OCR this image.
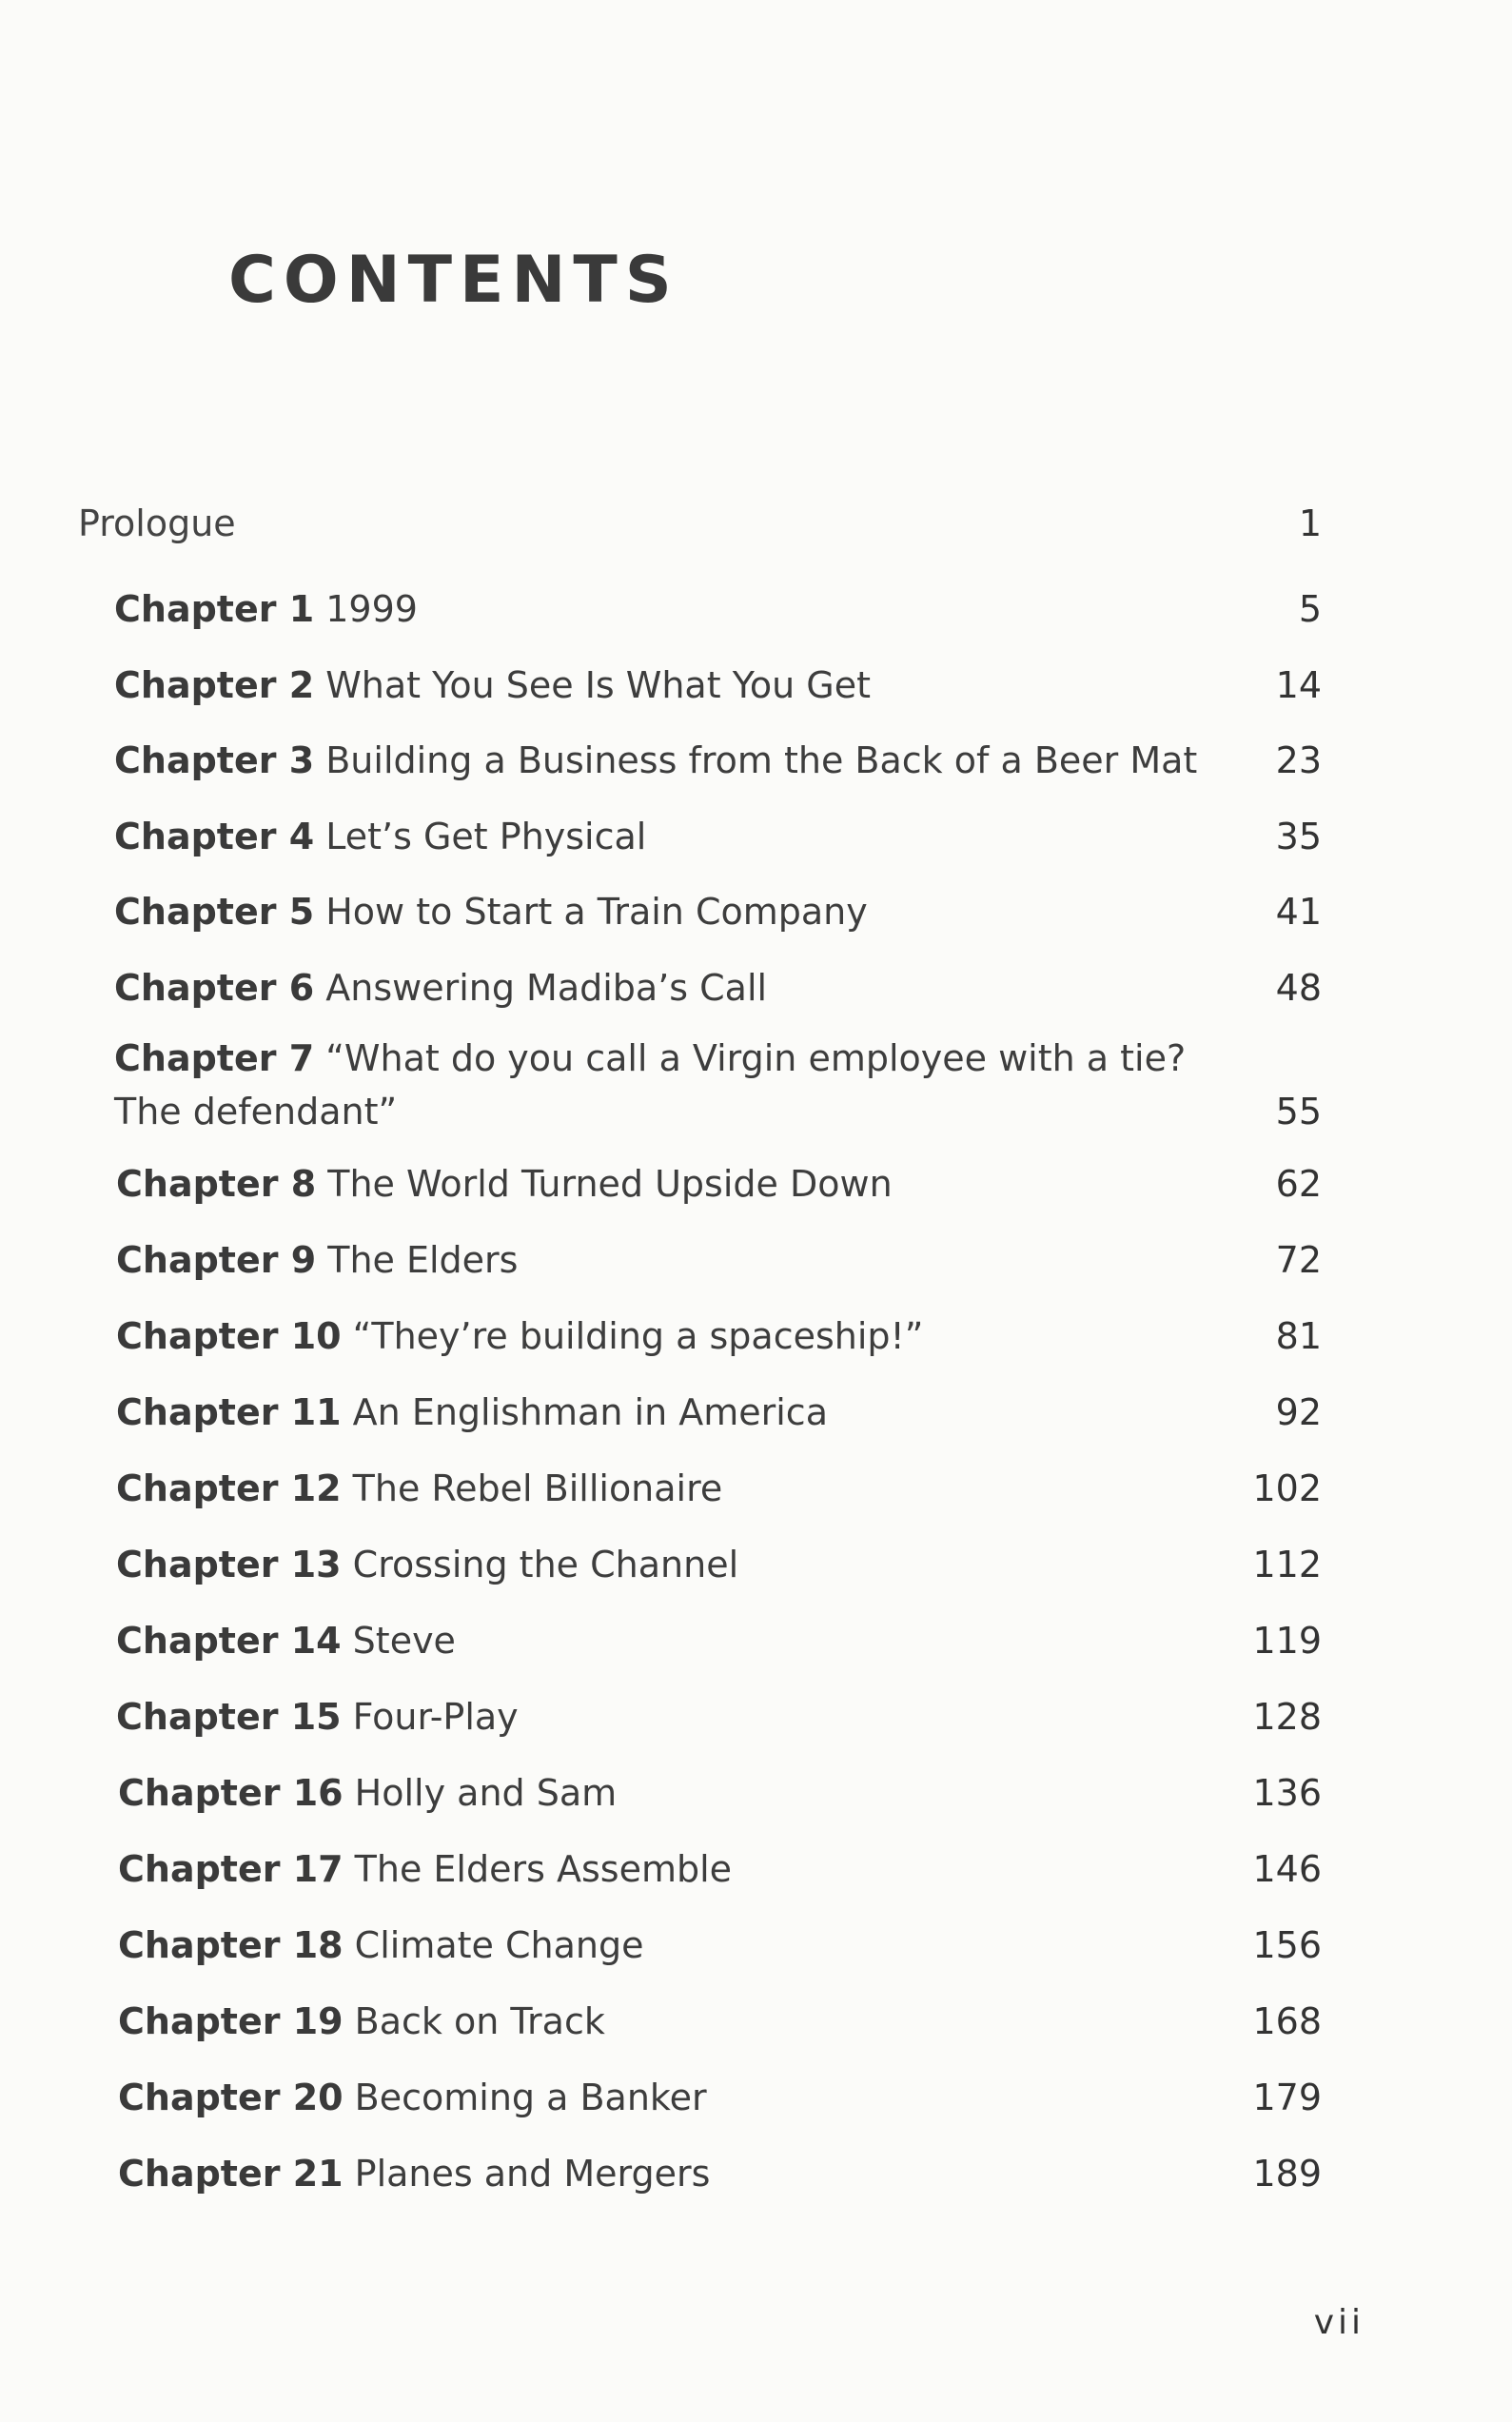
CONTENTS
Prologue	1
Chapter 1 1999	5
Chapter 2 What You See Is What You Get	14
Chapter 3 Building a Business from the Back of a Beer Mat 23
Chapter 4 Let’s Get Physical	35
Chapter 5 How to Start a Train Company	41
Chapter 6 Answering Madiba’s Call	48
Chapter 7 “What do you call a Virgin employee with a tie? The defendant”	55
Chapter 8 The World Turned Upside Down	62
Chapter 9 The Elders	72
Chapter 10 “They’re building a spaceship!”	81
Chapter 11 An Englishman in America	92
Chapter 12 The Rebel Billionaire	102
Chapter 13 Crossing the Channel	112
Chapter 14 Steve	119
Chapter 15 Four-Play	128
Chapter 16 Holly and Sam	136
Chapter 17 The Elders Assemble	146
Chapter 18 Climate Change	156
Chapter 19 Back on Track	168
Chapter 20 Becoming a Banker	179
Chapter 21 Planes and Mergers	189
vii
